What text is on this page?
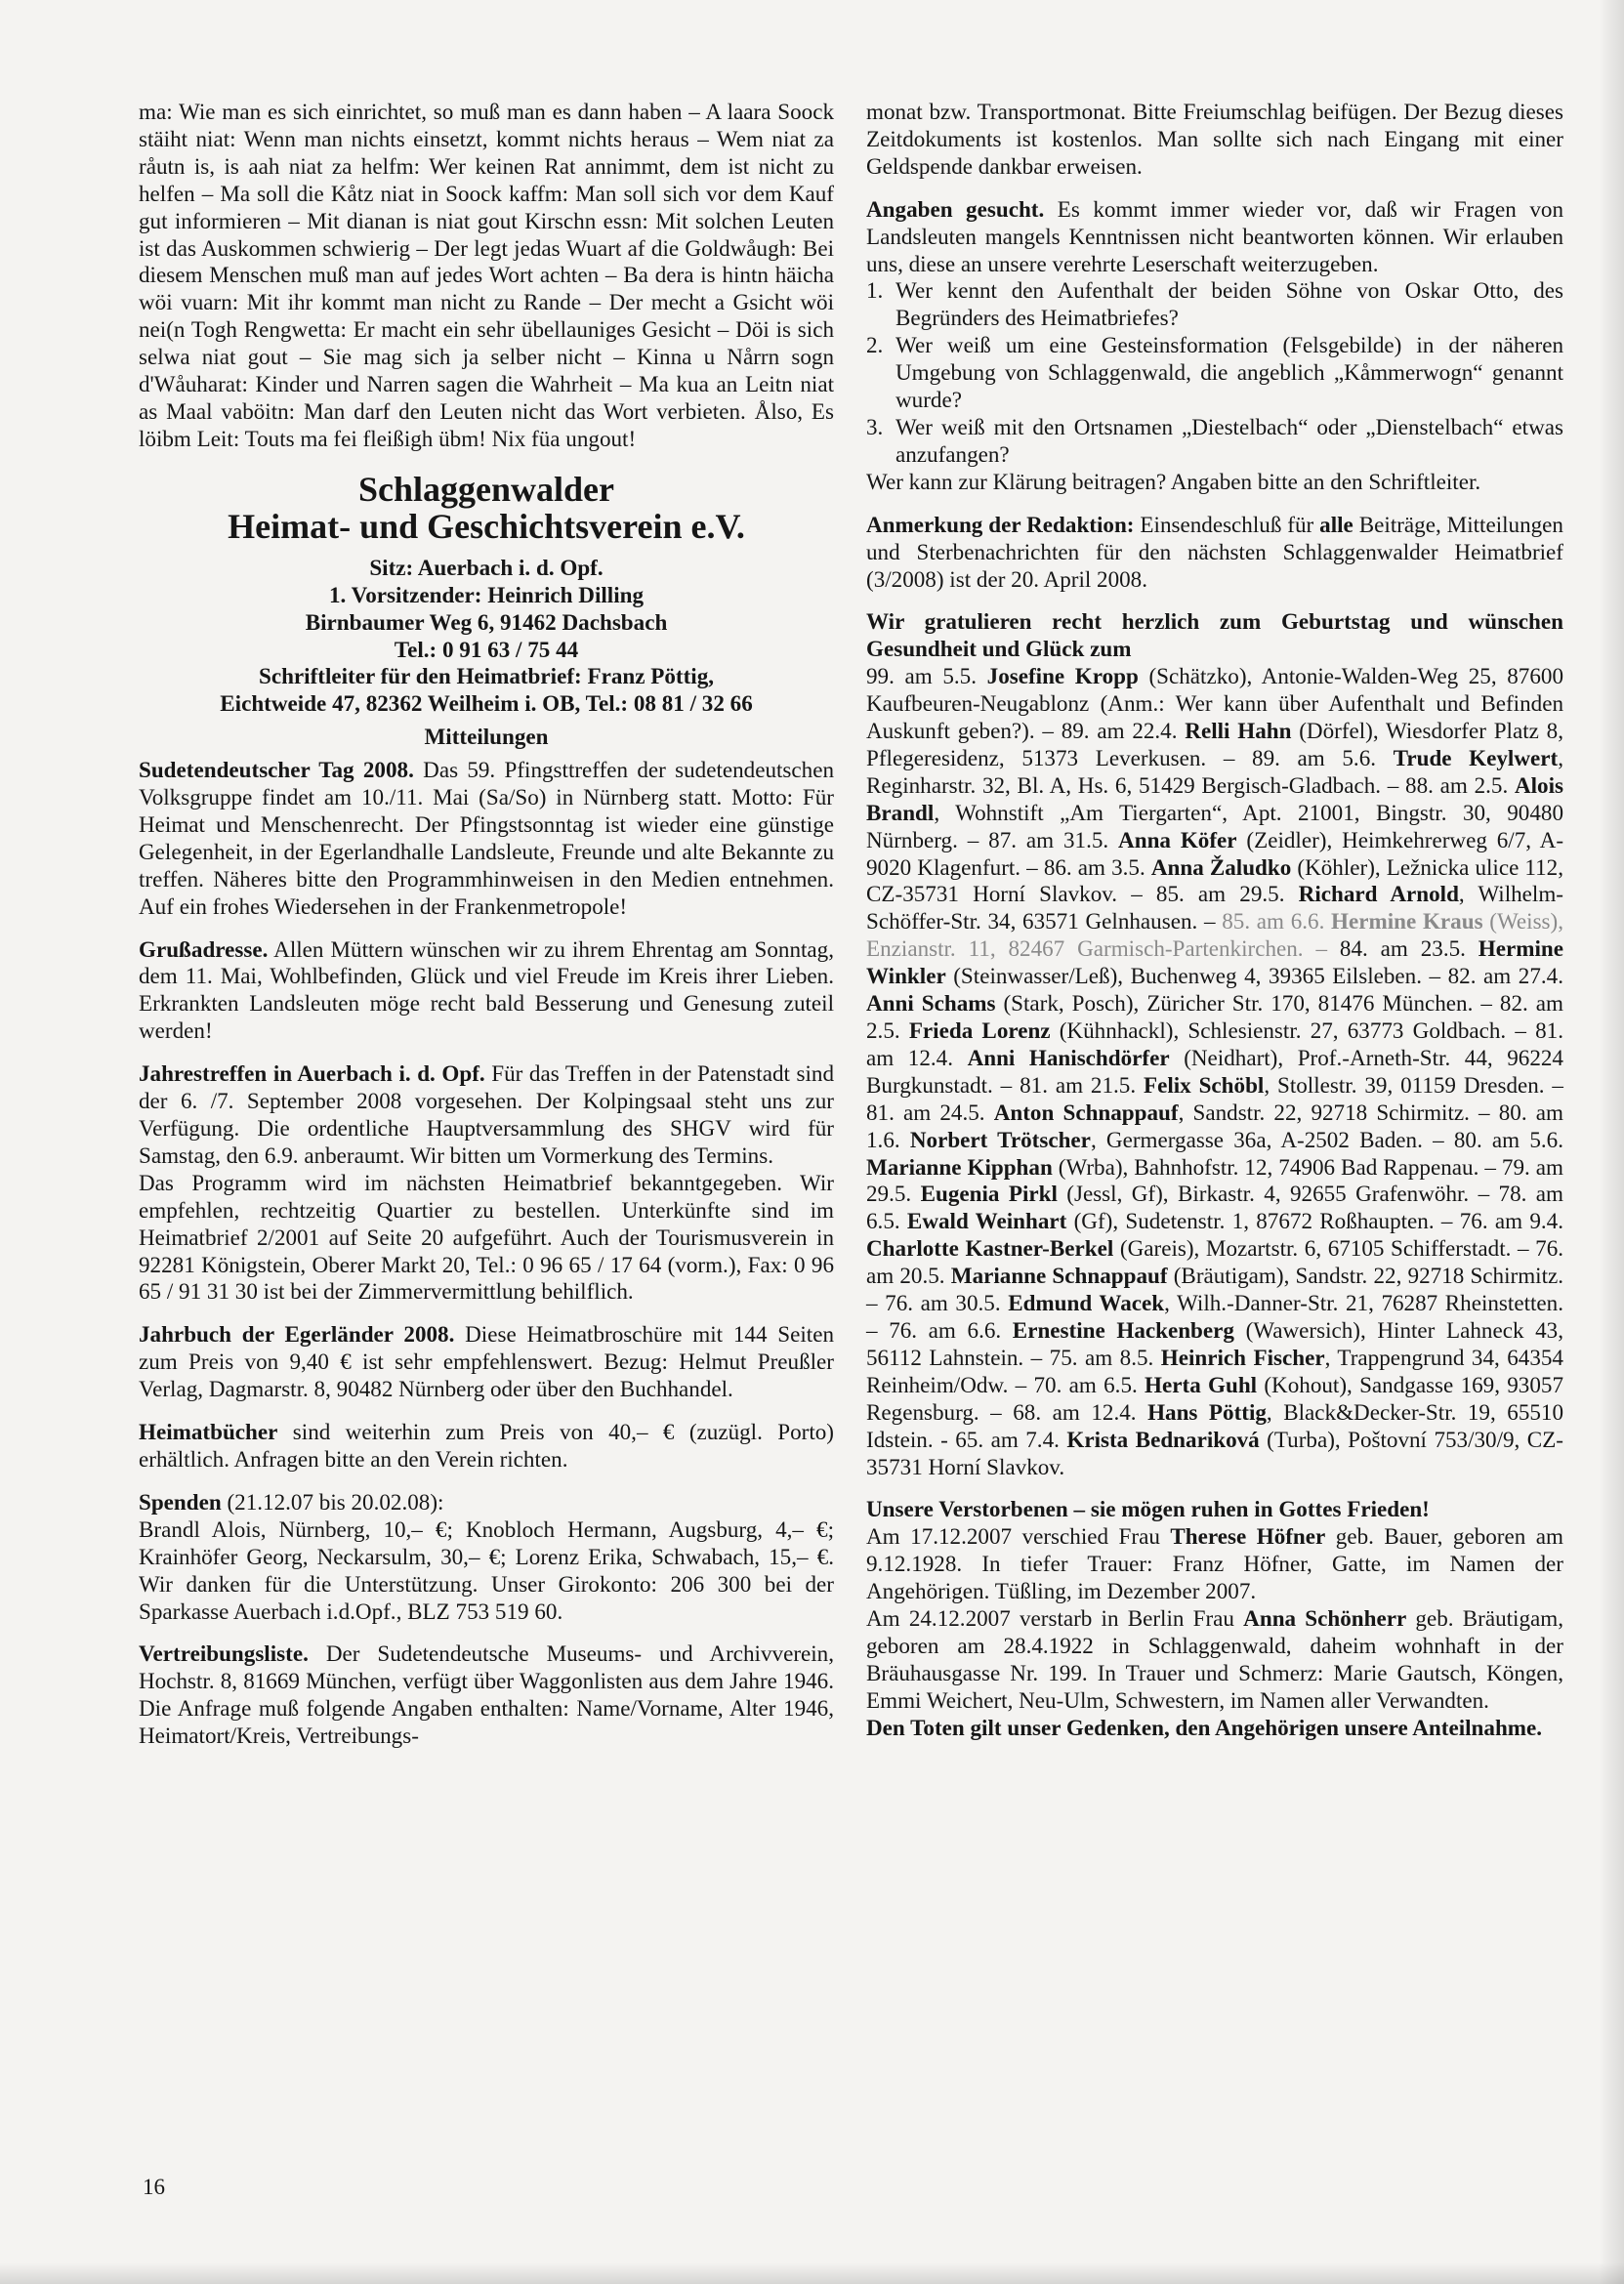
ma: Wie man es sich einrichtet, so muß man es dann haben – A laara Soock stäiht niat: Wenn man nichts einsetzt, kommt nichts heraus – Wem niat za råutn is, is aah niat za helfm: Wer keinen Rat annimmt, dem ist nicht zu helfen – Ma soll die Kåtz niat in Soock kaffm: Man soll sich vor dem Kauf gut informieren – Mit dianan is niat gout Kirschn essn: Mit solchen Leuten ist das Auskommen schwierig – Der legt jedas Wuart af die Goldwåugh: Bei diesem Menschen muß man auf jedes Wort achten – Ba dera is hintn häicha wöi vuarn: Mit ihr kommt man nicht zu Rande – Der mecht a Gsicht wöi nei(n Togh Rengwetta: Er macht ein sehr übellauniges Gesicht – Döi is sich selwa niat gout – Sie mag sich ja selber nicht – Kinna u Nårrn sogn d'Wåuharat: Kinder und Narren sagen die Wahrheit – Ma kua an Leitn niat as Maal vaböitn: Man darf den Leuten nicht das Wort verbieten. Ålso, Es löibm Leit: Touts ma fei fleißigh übm! Nix füa ungout!

Schlaggenwalder

Heimat- und Geschichtsverein e.V.

Sitz: Auerbach i. d. Opf.

1. Vorsitzender: Heinrich Dilling

Birnbaumer Weg 6, 91462 Dachsbach

Tel.: 0 91 63 / 75 44

Schriftleiter für den Heimatbrief: Franz Pöttig,

Eichtweide 47, 82362 Weilheim i. OB, Tel.: 08 81 / 32 66

Mitteilungen

Sudetendeutscher Tag 2008. Das 59. Pfingsttreffen der sudetendeutschen Volksgruppe findet am 10./11. Mai (Sa/So) in Nürnberg statt. Motto: Für Heimat und Menschenrecht. Der Pfingstsonntag ist wieder eine günstige Gelegenheit, in der Egerlandhalle Landsleute, Freunde und alte Bekannte zu treffen. Näheres bitte den Programmhinweisen in den Medien entnehmen. Auf ein frohes Wiedersehen in der Frankenmetropole!

Grußadresse. Allen Müttern wünschen wir zu ihrem Ehrentag am Sonntag, dem 11. Mai, Wohlbefinden, Glück und viel Freude im Kreis ihrer Lieben. Erkrankten Landsleuten möge recht bald Besserung und Genesung zuteil werden!

Jahrestreffen in Auerbach i. d. Opf. Für das Treffen in der Patenstadt sind der 6. /7. September 2008 vorgesehen. Der Kolpingsaal steht uns zur Verfügung. Die ordentliche Hauptversammlung des SHGV wird für Samstag, den 6.9. anberaumt. Wir bitten um Vormerkung des Termins.

Das Programm wird im nächsten Heimatbrief bekanntgegeben. Wir empfehlen, rechtzeitig Quartier zu bestellen. Unterkünfte sind im Heimatbrief 2/2001 auf Seite 20 aufgeführt. Auch der Tourismusverein in 92281 Königstein, Oberer Markt 20, Tel.: 0 96 65 / 17 64 (vorm.), Fax: 0 96 65 / 91 31 30 ist bei der Zimmervermittlung behilflich.

Jahrbuch der Egerländer 2008. Diese Heimatbroschüre mit 144 Seiten zum Preis von 9,40 € ist sehr empfehlenswert. Bezug: Helmut Preußler Verlag, Dagmarstr. 8, 90482 Nürnberg oder über den Buchhandel.

Heimatbücher sind weiterhin zum Preis von 40,– € (zuzügl. Porto) erhältlich. Anfragen bitte an den Verein richten.

Spenden (21.12.07 bis 20.02.08):

Brandl Alois, Nürnberg, 10,– €; Knobloch Hermann, Augsburg, 4,– €; Krainhöfer Georg, Neckarsulm, 30,– €; Lorenz Erika, Schwabach, 15,– €. Wir danken für die Unterstützung. Unser Girokonto: 206 300 bei der Sparkasse Auerbach i.d.Opf., BLZ 753 519 60.

Vertreibungsliste. Der Sudetendeutsche Museums- und Archivverein, Hochstr. 8, 81669 München, verfügt über Waggonlisten aus dem Jahre 1946. Die Anfrage muß folgende Angaben enthalten: Name/Vorname, Alter 1946, Heimatort/Kreis, Vertreibungs-

16

monat bzw. Transportmonat. Bitte Freiumschlag beifügen. Der Bezug dieses Zeitdokuments ist kostenlos. Man sollte sich nach Eingang mit einer Geldspende dankbar erweisen.

Angaben gesucht. Es kommt immer wieder vor, daß wir Fragen von Landsleuten mangels Kenntnissen nicht beantworten können. Wir erlauben uns, diese an unsere verehrte Leserschaft weiterzugeben.

1. Wer kennt den Aufenthalt der beiden Söhne von Oskar Otto, des Begründers des Heimatbriefes?
2. Wer weiß um eine Gesteinsformation (Felsgebilde) in der näheren Umgebung von Schlaggenwald, die angeblich „Kåmmerwogn“ genannt wurde?
3. Wer weiß mit den Ortsnamen „Diestelbach“ oder „Dienstelbach“ etwas anzufangen?

Wer kann zur Klärung beitragen? Angaben bitte an den Schriftleiter.

Anmerkung der Redaktion: Einsendeschluß für alle Beiträge, Mitteilungen und Sterbenachrichten für den nächsten Schlaggenwalder Heimatbrief (3/2008) ist der 20. April 2008.

Wir gratulieren recht herzlich zum Geburtstag und wünschen Gesundheit und Glück zum

99. am 5.5. Josefine Kropp (Schätzko), Antonie-Walden-Weg 25, 87600 Kaufbeuren-Neugablonz (Anm.: Wer kann über Aufenthalt und Befinden Auskunft geben?). – 89. am 22.4. Relli Hahn (Dörfel), Wiesdorfer Platz 8, Pflegeresidenz, 51373 Leverkusen. – 89. am 5.6. Trude Keylwert, Reginharstr. 32, Bl. A, Hs. 6, 51429 Bergisch-Gladbach. – 88. am 2.5. Alois Brandl, Wohnstift „Am Tiergarten“, Apt. 21001, Bingstr. 30, 90480 Nürnberg. – 87. am 31.5. Anna Köfer (Zeidler), Heimkehrerweg 6/7, A-9020 Klagenfurt. – 86. am 3.5. Anna Žaludko (Köhler), Ležnicka ulice 112, CZ-35731 Horní Slavkov. – 85. am 29.5. Richard Arnold, Wilhelm-Schöffer-Str. 34, 63571 Gelnhausen. – 85. am 6.6. Hermine Kraus (Weiss), Enzianstr. 11, 82467 Garmisch-Partenkirchen. – 84. am 23.5. Hermine Winkler (Steinwasser/Leß), Buchenweg 4, 39365 Eilsleben. – 82. am 27.4. Anni Schams (Stark, Posch), Züricher Str. 170, 81476 München. – 82. am 2.5. Frieda Lorenz (Kühnhackl), Schlesienstr. 27, 63773 Goldbach. – 81. am 12.4. Anni Hanischdörfer (Neidhart), Prof.-Arneth-Str. 44, 96224 Burgkunstadt. – 81. am 21.5. Felix Schöbl, Stollestr. 39, 01159 Dresden. – 81. am 24.5. Anton Schnappauf, Sandstr. 22, 92718 Schirmitz. – 80. am 1.6. Norbert Trötscher, Germergasse 36a, A-2502 Baden. – 80. am 5.6. Marianne Kipphan (Wrba), Bahnhofstr. 12, 74906 Bad Rappenau. – 79. am 29.5. Eugenia Pirkl (Jessl, Gf), Birkastr. 4, 92655 Grafenwöhr. – 78. am 6.5. Ewald Weinhart (Gf), Sudetenstr. 1, 87672 Roßhaupten. – 76. am 9.4. Charlotte Kastner-Berkel (Gareis), Mozartstr. 6, 67105 Schifferstadt. – 76. am 20.5. Marianne Schnappauf (Bräutigam), Sandstr. 22, 92718 Schirmitz. – 76. am 30.5. Edmund Wacek, Wilh.-Danner-Str. 21, 76287 Rheinstetten. – 76. am 6.6. Ernestine Hackenberg (Wawersich), Hinter Lahneck 43, 56112 Lahnstein. – 75. am 8.5. Heinrich Fischer, Trappengrund 34, 64354 Reinheim/Odw. – 70. am 6.5. Herta Guhl (Kohout), Sandgasse 169, 93057 Regensburg. – 68. am 12.4. Hans Pöttig, Black&Decker-Str. 19, 65510 Idstein. - 65. am 7.4. Krista Bednariková (Turba), Poštovní 753/30/9, CZ-35731 Horní Slavkov.

Unsere Verstorbenen – sie mögen ruhen in Gottes Frieden!

Am 17.12.2007 verschied Frau Therese Höfner geb. Bauer, geboren am 9.12.1928. In tiefer Trauer: Franz Höfner, Gatte, im Namen der Angehörigen. Tüßling, im Dezember 2007.

Am 24.12.2007 verstarb in Berlin Frau Anna Schönherr geb. Bräutigam, geboren am 28.4.1922 in Schlaggenwald, daheim wohnhaft in der Bräuhausgasse Nr. 199. In Trauer und Schmerz: Marie Gautsch, Köngen, Emmi Weichert, Neu-Ulm, Schwestern, im Namen aller Verwandten.

Den Toten gilt unser Gedenken, den Angehörigen unsere Anteilnahme.
